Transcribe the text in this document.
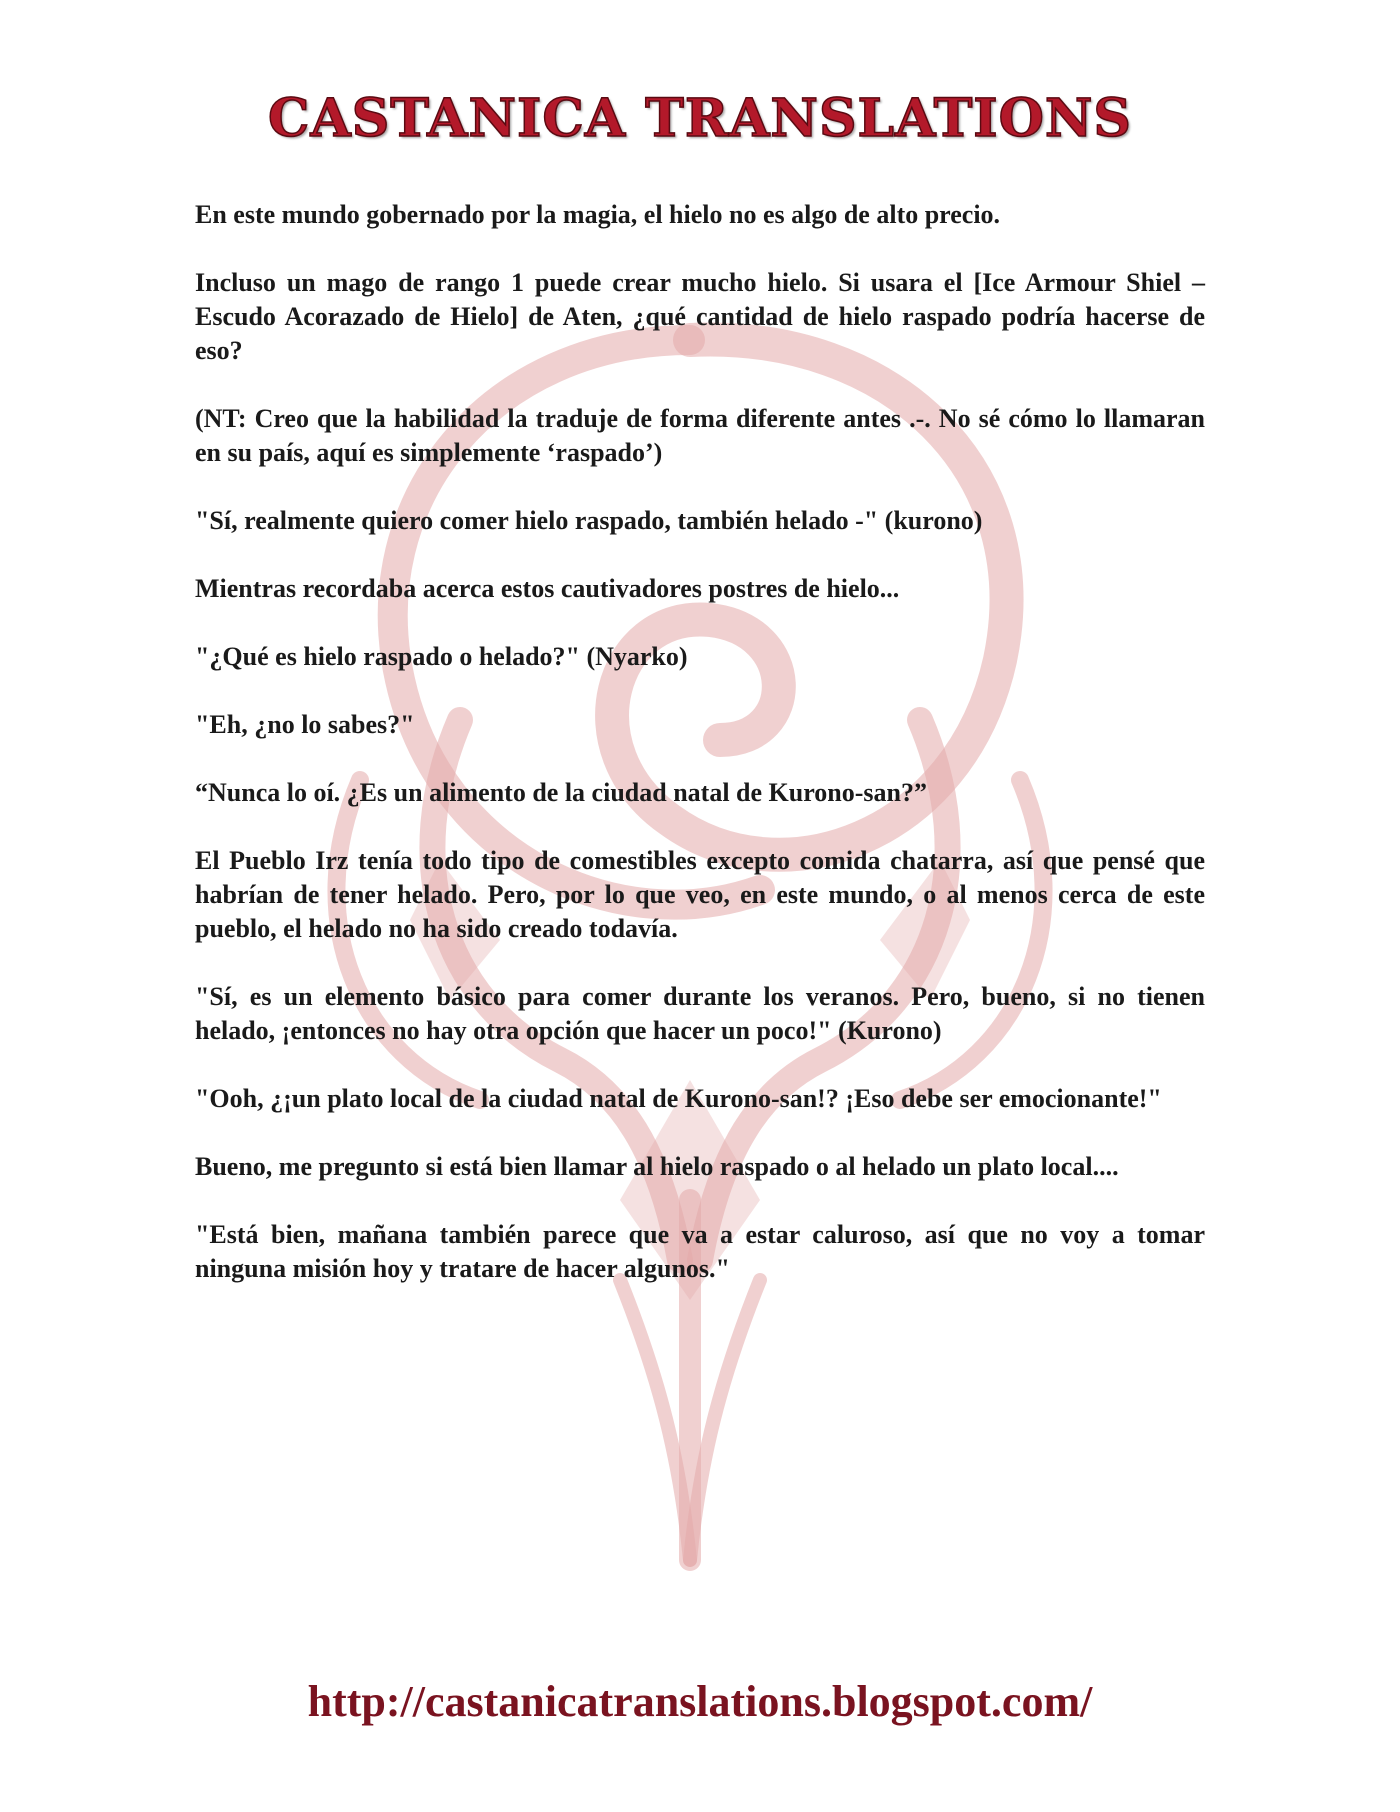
CASTANICA TRANSLATIONS

En este mundo gobernado por la magia, el hielo no es algo de alto precio.

Incluso un mago de rango 1 puede crear mucho hielo. Si usara el [Ice Armour Shiel – Escudo Acorazado de Hielo] de Aten, ¿qué cantidad de hielo raspado podría hacerse de eso?

(NT: Creo que la habilidad la traduje de forma diferente antes .-. No sé cómo lo llamaran en su país, aquí es simplemente ‘raspado’)

"Sí, realmente quiero comer hielo raspado, también helado -" (kurono)

Mientras recordaba acerca estos cautivadores postres de hielo...

"¿Qué es hielo raspado o helado?" (Nyarko)

"Eh, ¿no lo sabes?"

“Nunca lo oí. ¿Es un alimento de la ciudad natal de Kurono-san?”

El Pueblo Irz tenía todo tipo de comestibles excepto comida chatarra, así que pensé que habrían de tener helado. Pero, por lo que veo, en este mundo, o al menos cerca de este pueblo, el helado no ha sido creado todavía.

"Sí, es un elemento básico para comer durante los veranos. Pero, bueno, si no tienen helado, ¡entonces no hay otra opción que hacer un poco!" (Kurono)

"Ooh, ¿¡un plato local de la ciudad natal de Kurono-san!? ¡Eso debe ser emocionante!"

Bueno, me pregunto si está bien llamar al hielo raspado o al helado un plato local....

"Está bien, mañana también parece que va a estar caluroso, así que no voy a tomar ninguna misión hoy y tratare de hacer algunos."

http://castanicatranslations.blogspot.com/
